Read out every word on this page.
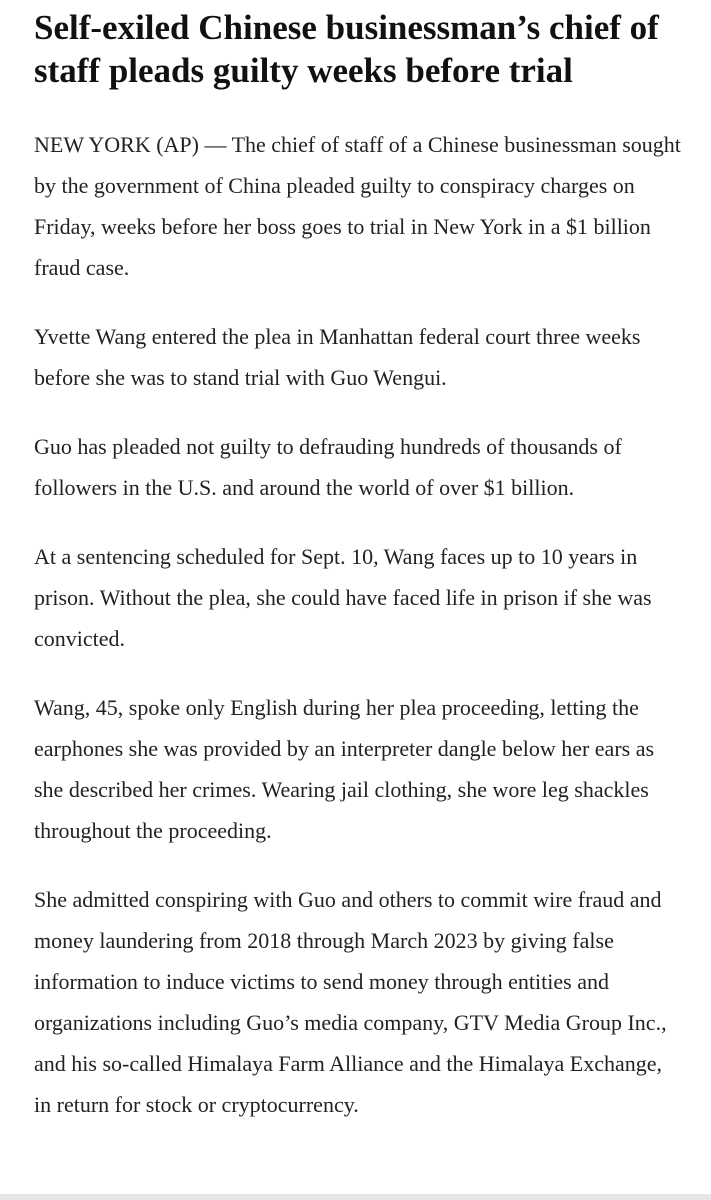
Self-exiled Chinese businessman’s chief of staff pleads guilty weeks before trial

NEW YORK (AP) — The chief of staff of a Chinese businessman sought by the government of China pleaded guilty to conspiracy charges on Friday, weeks before her boss goes to trial in New York in a $1 billion fraud case.

Yvette Wang entered the plea in Manhattan federal court three weeks before she was to stand trial with Guo Wengui.

Guo has pleaded not guilty to defrauding hundreds of thousands of followers in the U.S. and around the world of over $1 billion.

At a sentencing scheduled for Sept. 10, Wang faces up to 10 years in prison. Without the plea, she could have faced life in prison if she was convicted.

Wang, 45, spoke only English during her plea proceeding, letting the earphones she was provided by an interpreter dangle below her ears as she described her crimes. Wearing jail clothing, she wore leg shackles throughout the proceeding.

She admitted conspiring with Guo and others to commit wire fraud and money laundering from 2018 through March 2023 by giving false information to induce victims to send money through entities and organizations including Guo’s media company, GTV Media Group Inc., and his so-called Himalaya Farm Alliance and the Himalaya Exchange, in return for stock or cryptocurrency.
